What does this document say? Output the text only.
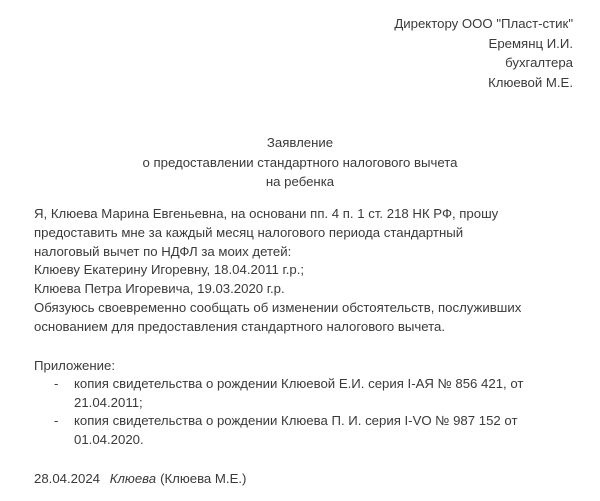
Директору ООО "Пласт-стик"
Еремянц И.И.
бухгалтера
Клюевой М.Е.
Заявление
о предоставлении стандартного налогового вычета
на ребенка
Я, Клюева Марина Евгеньевна, на основани пп. 4 п. 1 ст. 218 НК РФ, прошу
предоставить мне за каждый месяц налогового периода стандартный
налоговый вычет по НДФЛ за моих детей:
Клюеву Екатерину Игоревну, 18.04.2011 г.р.;
Клюева Петра Игоревича, 19.03.2020 г.р.
Обязуюсь своевременно сообщать об изменении обстоятельств, послуживших
основанием для предоставления стандартного налогового вычета.
Приложение:
- копия свидетельства о рождении Клюевой Е.И. серия I-АЯ № 856 421, от
21.04.2011;
- копия свидетельства о рождении Клюева П. И. серия I-VO № 987 152 от
01.04.2020.
28.04.2024 Клюева (Клюева М.Е.)
